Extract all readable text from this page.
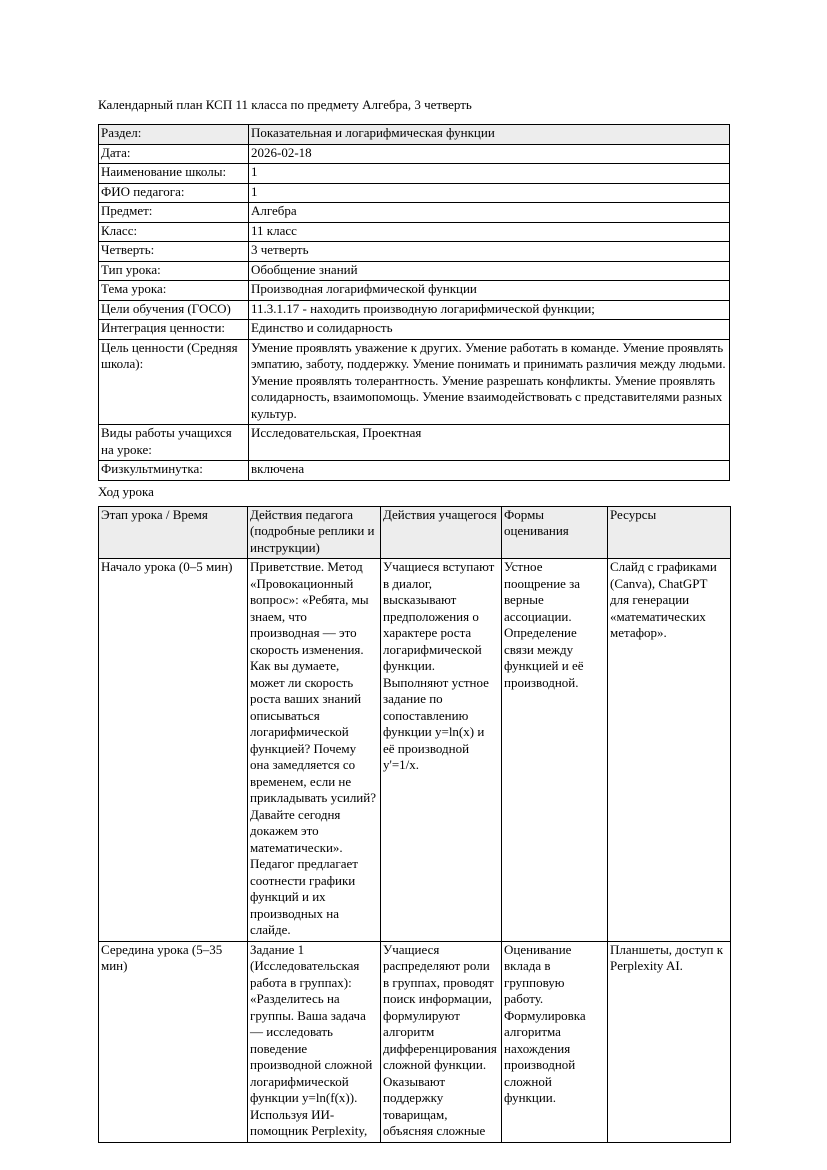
Календарный план КСП 11 класса по предмету Алгебра, 3 четверть

Раздел:	Показательная и логарифмическая функции
Дата:	2026-02-18
Наименование школы:	1
ФИО педагога:	1
Предмет:	Алгебра
Класс:	11 класс
Четверть:	3 четверть
Тип урока:	Обобщение знаний
Тема урока:	Производная логарифмической функции
Цели обучения (ГОСО)	11.3.1.17 - находить производную логарифмической функции;
Интеграция ценности:	Единство и солидарность
Цель ценности (Средняя школа):	Умение проявлять уважение к других. Умение работать в команде. Умение проявлять эмпатию, заботу, поддержку. Умение понимать и принимать различия между людьми. Умение проявлять толерантность. Умение разрешать конфликты. Умение проявлять солидарность, взаимопомощь. Умение взаимодействовать с представителями разных культур.
Виды работы учащихся на уроке:	Исследовательская, Проектная
Физкультминутка:	включена

Ход урока

Этап урока / Время	Действия педагога (подробные реплики и инструкции)	Действия учащегося	Формы оценивания	Ресурсы
Начало урока (0–5 мин)	Приветствие. Метод «Провокационный вопрос»: «Ребята, мы знаем, что производная — это скорость изменения. Как вы думаете, может ли скорость роста ваших знаний описываться логарифмической функцией? Почему она замедляется со временем, если не прикладывать усилий? Давайте сегодня докажем это математически». Педагог предлагает соотнести графики функций и их производных на слайде.	Учащиеся вступают в диалог, высказывают предположения о характере роста логарифмической функции. Выполняют устное задание по сопоставлению функции y=ln(x) и её производной y'=1/x.	Устное поощрение за верные ассоциации. Определение связи между функцией и её производной.	Слайд с графиками (Canva), ChatGPT для генерации «математических метафор».
Середина урока (5–35 мин)	Задание 1 (Исследовательская работа в группах): «Разделитесь на группы. Ваша задача — исследовать поведение производной сложной логарифмической функции y=ln(f(x)). Используя ИИ-помощник Perplexity,	Учащиеся распределяют роли в группах, проводят поиск информации, формулируют алгоритм дифференцирования сложной функции. Оказывают поддержку товарищам, объясняя сложные	Оценивание вклада в групповую работу. Формулировка алгоритма нахождения производной сложной функции.	Планшеты, доступ к Perplexity AI.
